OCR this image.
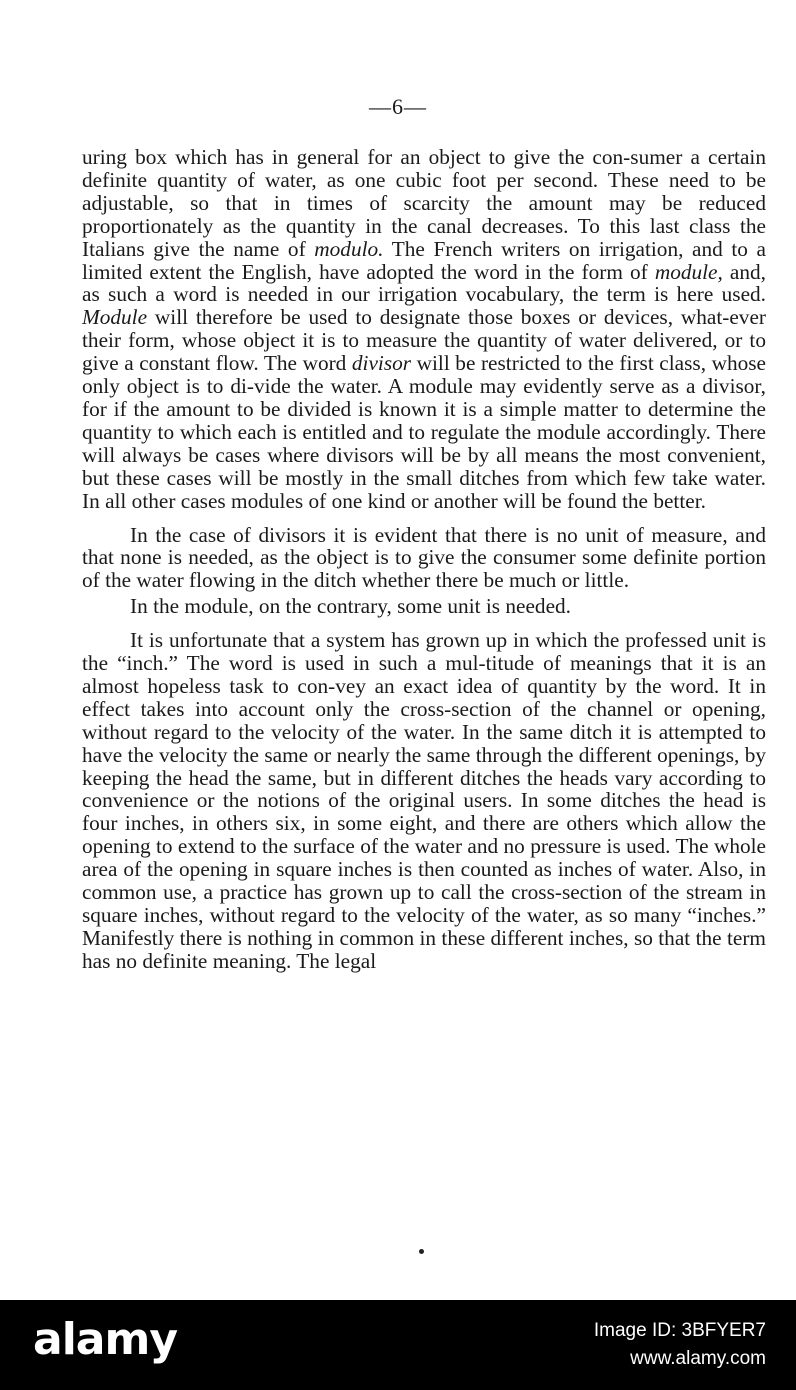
—6—

uring box which has in general for an object to give the con-sumer a certain definite quantity of water, as one cubic foot per second. These need to be adjustable, so that in times of scarcity the amount may be reduced proportionately as the quantity in the canal decreases. To this last class the Italians give the name of modulo. The French writers on irrigation, and to a limited extent the English, have adopted the word in the form of module, and, as such a word is needed in our irrigation vocabulary, the term is here used. Module will therefore be used to designate those boxes or devices, what-ever their form, whose object it is to measure the quantity of water delivered, or to give a constant flow. The word divisor will be restricted to the first class, whose only object is to di-vide the water. A module may evidently serve as a divisor, for if the amount to be divided is known it is a simple matter to determine the quantity to which each is entitled and to regulate the module accordingly. There will always be cases where divisors will be by all means the most convenient, but these cases will be mostly in the small ditches from which few take water. In all other cases modules of one kind or another will be found the better.

In the case of divisors it is evident that there is no unit of measure, and that none is needed, as the object is to give the consumer some definite portion of the water flowing in the ditch whether there be much or little.

In the module, on the contrary, some unit is needed.

It is unfortunate that a system has grown up in which the professed unit is the “inch.” The word is used in such a mul-titude of meanings that it is an almost hopeless task to con-vey an exact idea of quantity by the word. It in effect takes into account only the cross-section of the channel or opening, without regard to the velocity of the water. In the same ditch it is attempted to have the velocity the same or nearly the same through the different openings, by keeping the head the same, but in different ditches the heads vary according to convenience or the notions of the original users. In some ditches the head is four inches, in others six, in some eight, and there are others which allow the opening to extend to the surface of the water and no pressure is used. The whole area of the opening in square inches is then counted as inches of water. Also, in common use, a practice has grown up to call the cross-section of the stream in square inches, without regard to the velocity of the water, as so many “inches.” Manifestly there is nothing in common in these different inches, so that the term has no definite meaning. The legal

alamy	Image ID: 3BFYER7
www.alamy.com
